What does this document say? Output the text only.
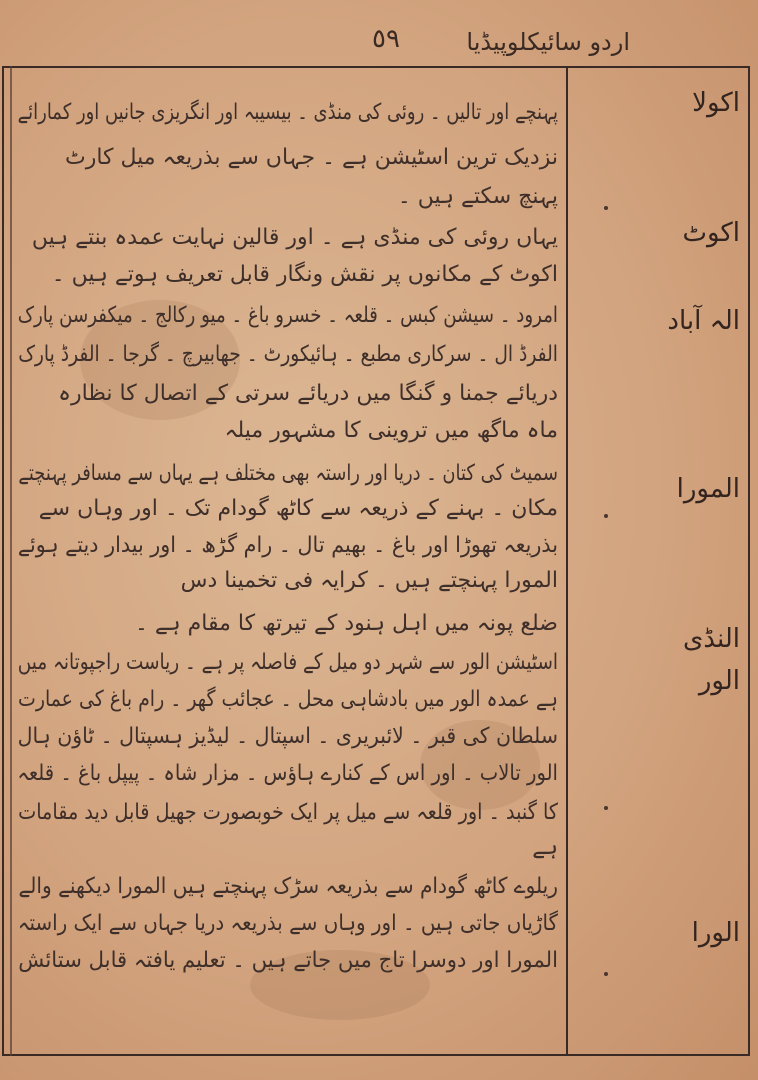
٥٩	اردو سائیکلوپیڈیا
پہنچے اور تالیں ۔ روئی کی منڈی ۔ بیسیبہ اور انگریزی جانیں اور کمارائے
نزدیک ترین اسٹیشن ہے ۔ جہاں سے بذریعہ میل کارٹ
پہنچ سکتے ہیں ۔
یہاں روئی کی منڈی ہے ۔ اور قالین نہایت عمدہ بنتے ہیں
اکوٹ کے مکانوں پر نقش ونگار قابل تعریف ہوتے ہیں ۔
امرود ۔ سیشن کبس ۔ قلعہ ۔ خسرو باغ ۔ میو رکالج ۔ میکفرسن پارک
الفرڈ ال ۔ سرکاری مطبع ۔ ہائیکورٹ ۔ جھابیرچ ۔ گرجا ۔ الفرڈ پارک
دریائے جمنا و گنگا میں دریائے سرتی کے اتصال کا نظارہ
ماہ ماگھ میں تروینی کا مشہور میلہ
سمیٹ کی کتان ۔ دریا اور راستہ بھی مختلف ہے یہاں سے مسافر پہنچتے
مکان ۔ بہنے کے ذریعہ سے کاٹھ گودام تک ۔ اور وہاں سے
بذریعہ تھوڑا اور باغ ۔ بھیم تال ۔ رام گڑھ ۔ اور بیدار دیتے ہوئے
المورا پہنچتے ہیں ۔ کرایہ فی تخمینا دس
ضلع پونہ میں اہل ہنود کے تیرتھ کا مقام ہے ۔
اسٹیشن الور سے شہر دو میل کے فاصلہ پر ہے ۔ ریاست راجپوتانہ میں
ہے عمدہ الور میں بادشاہی محل ۔ عجائب گھر ۔ رام باغ کی عمارت
سلطان کی قبر ۔ لائبریری ۔ اسپتال ۔ لیڈیز ہسپتال ۔ ٹاؤن ہال
الور تالاب ۔ اور اس کے کنارے ہاؤس ۔ مزار شاہ ۔ پیپل باغ ۔ قلعہ
کا گنبد ۔ اور قلعہ سے میل پر ایک خوبصورت جھیل قابل دید مقامات
ہے
ریلوے کاٹھ گودام سے بذریعہ سڑک پہنچتے ہیں المورا دیکھنے والے
گاڑیاں جاتی ہیں ۔ اور وہاں سے بذریعہ دریا جہاں سے ایک راستہ
المورا اور دوسرا تاج میں جاتے ہیں ۔ تعلیم یافتہ قابل ستائش
اکولا
اکوٹ
الہ آباد
المورا
النڈی
الور
الورا
